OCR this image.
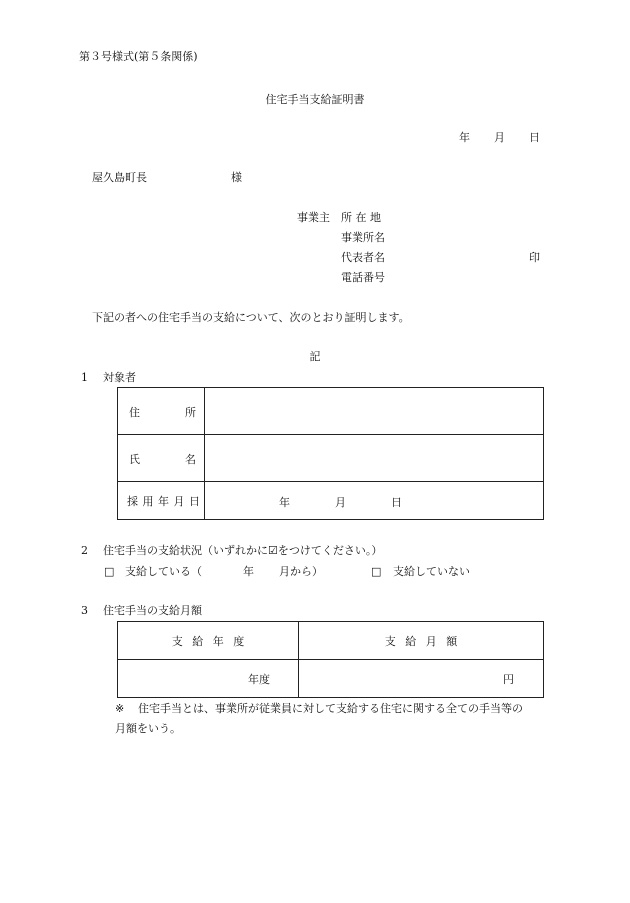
第３号様式(第５条関係)
住宅手当支給証明書
年 月 日
屋久島町長	様
事業主 所 在 地
事業所名
代表者名	印
電話番号
下記の者への住宅手当の支給について、次のとおり証明します。
記
1 対象者
住 所	

氏 名	

採 用 年 月 日	年 月 日
2 住宅手当の支給状況（いずれかに☑をつけてください。）
□ 支給している（	年 月から）	□ 支給していない
3 住宅手当の支給月額
支 給 年 度	支 給 月 額
年度	円
※ 住宅手当とは、事業所が従業員に対して支給する住宅に関する全ての手当等の
月額をいう。
